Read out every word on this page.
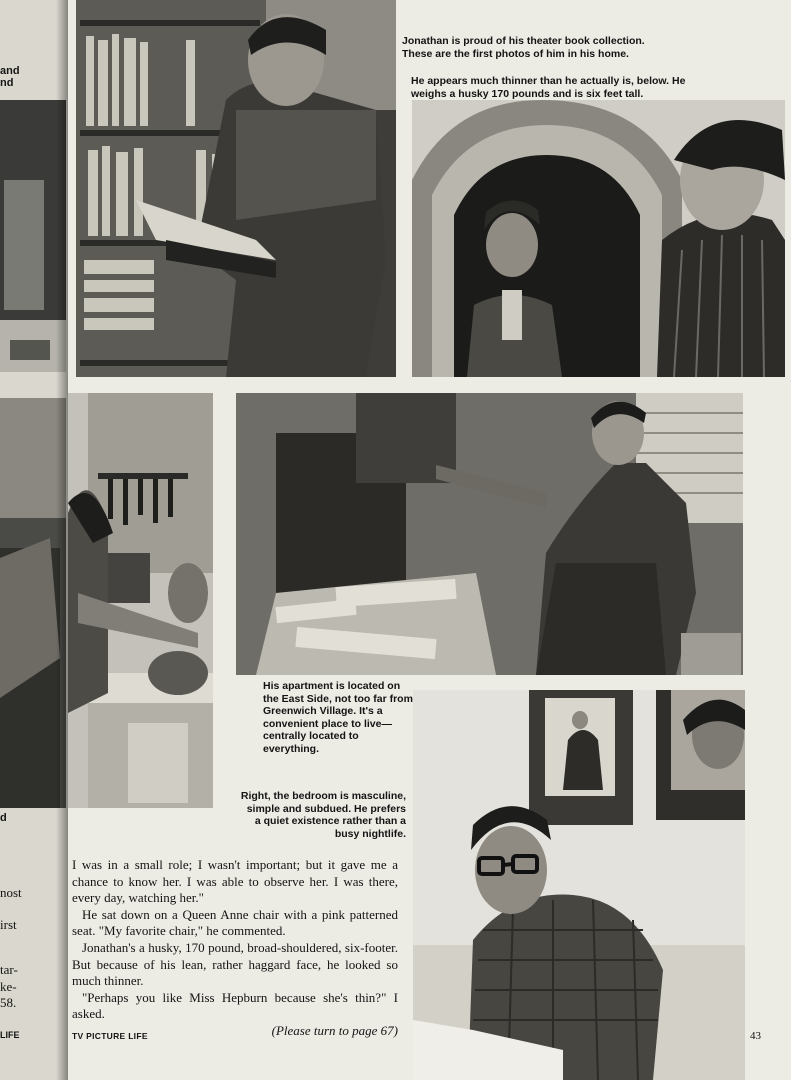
and
nd
d
nost
irst
tar-
ke-
58.
LIFE
Jonathan is proud of his theater book collection. These are the first photos of him in his home.
He appears much thinner than he actually is, below. He weighs a husky 170 pounds and is six feet tall.
His apartment is located on the East Side, not too far from Greenwich Village. It's a convenient place to live—centrally located to everything.
Right, the bedroom is masculine, simple and subdued. He prefers a quiet existence rather than a busy nightlife.

I was in a small role; I wasn't important; but it gave me a chance to know her. I was able to observe her. I was there, every day, watching her."

He sat down on a Queen Anne chair with a pink patterned seat. "My favorite chair," he commented.

Jonathan's a husky, 170 pound, broad-shouldered, six-footer. But because of his lean, rather haggard face, he looked so much thinner.

"Perhaps you like Miss Hepburn because she's thin?" I asked.

(Please turn to page 67)

TV PICTURE LIFE	43
